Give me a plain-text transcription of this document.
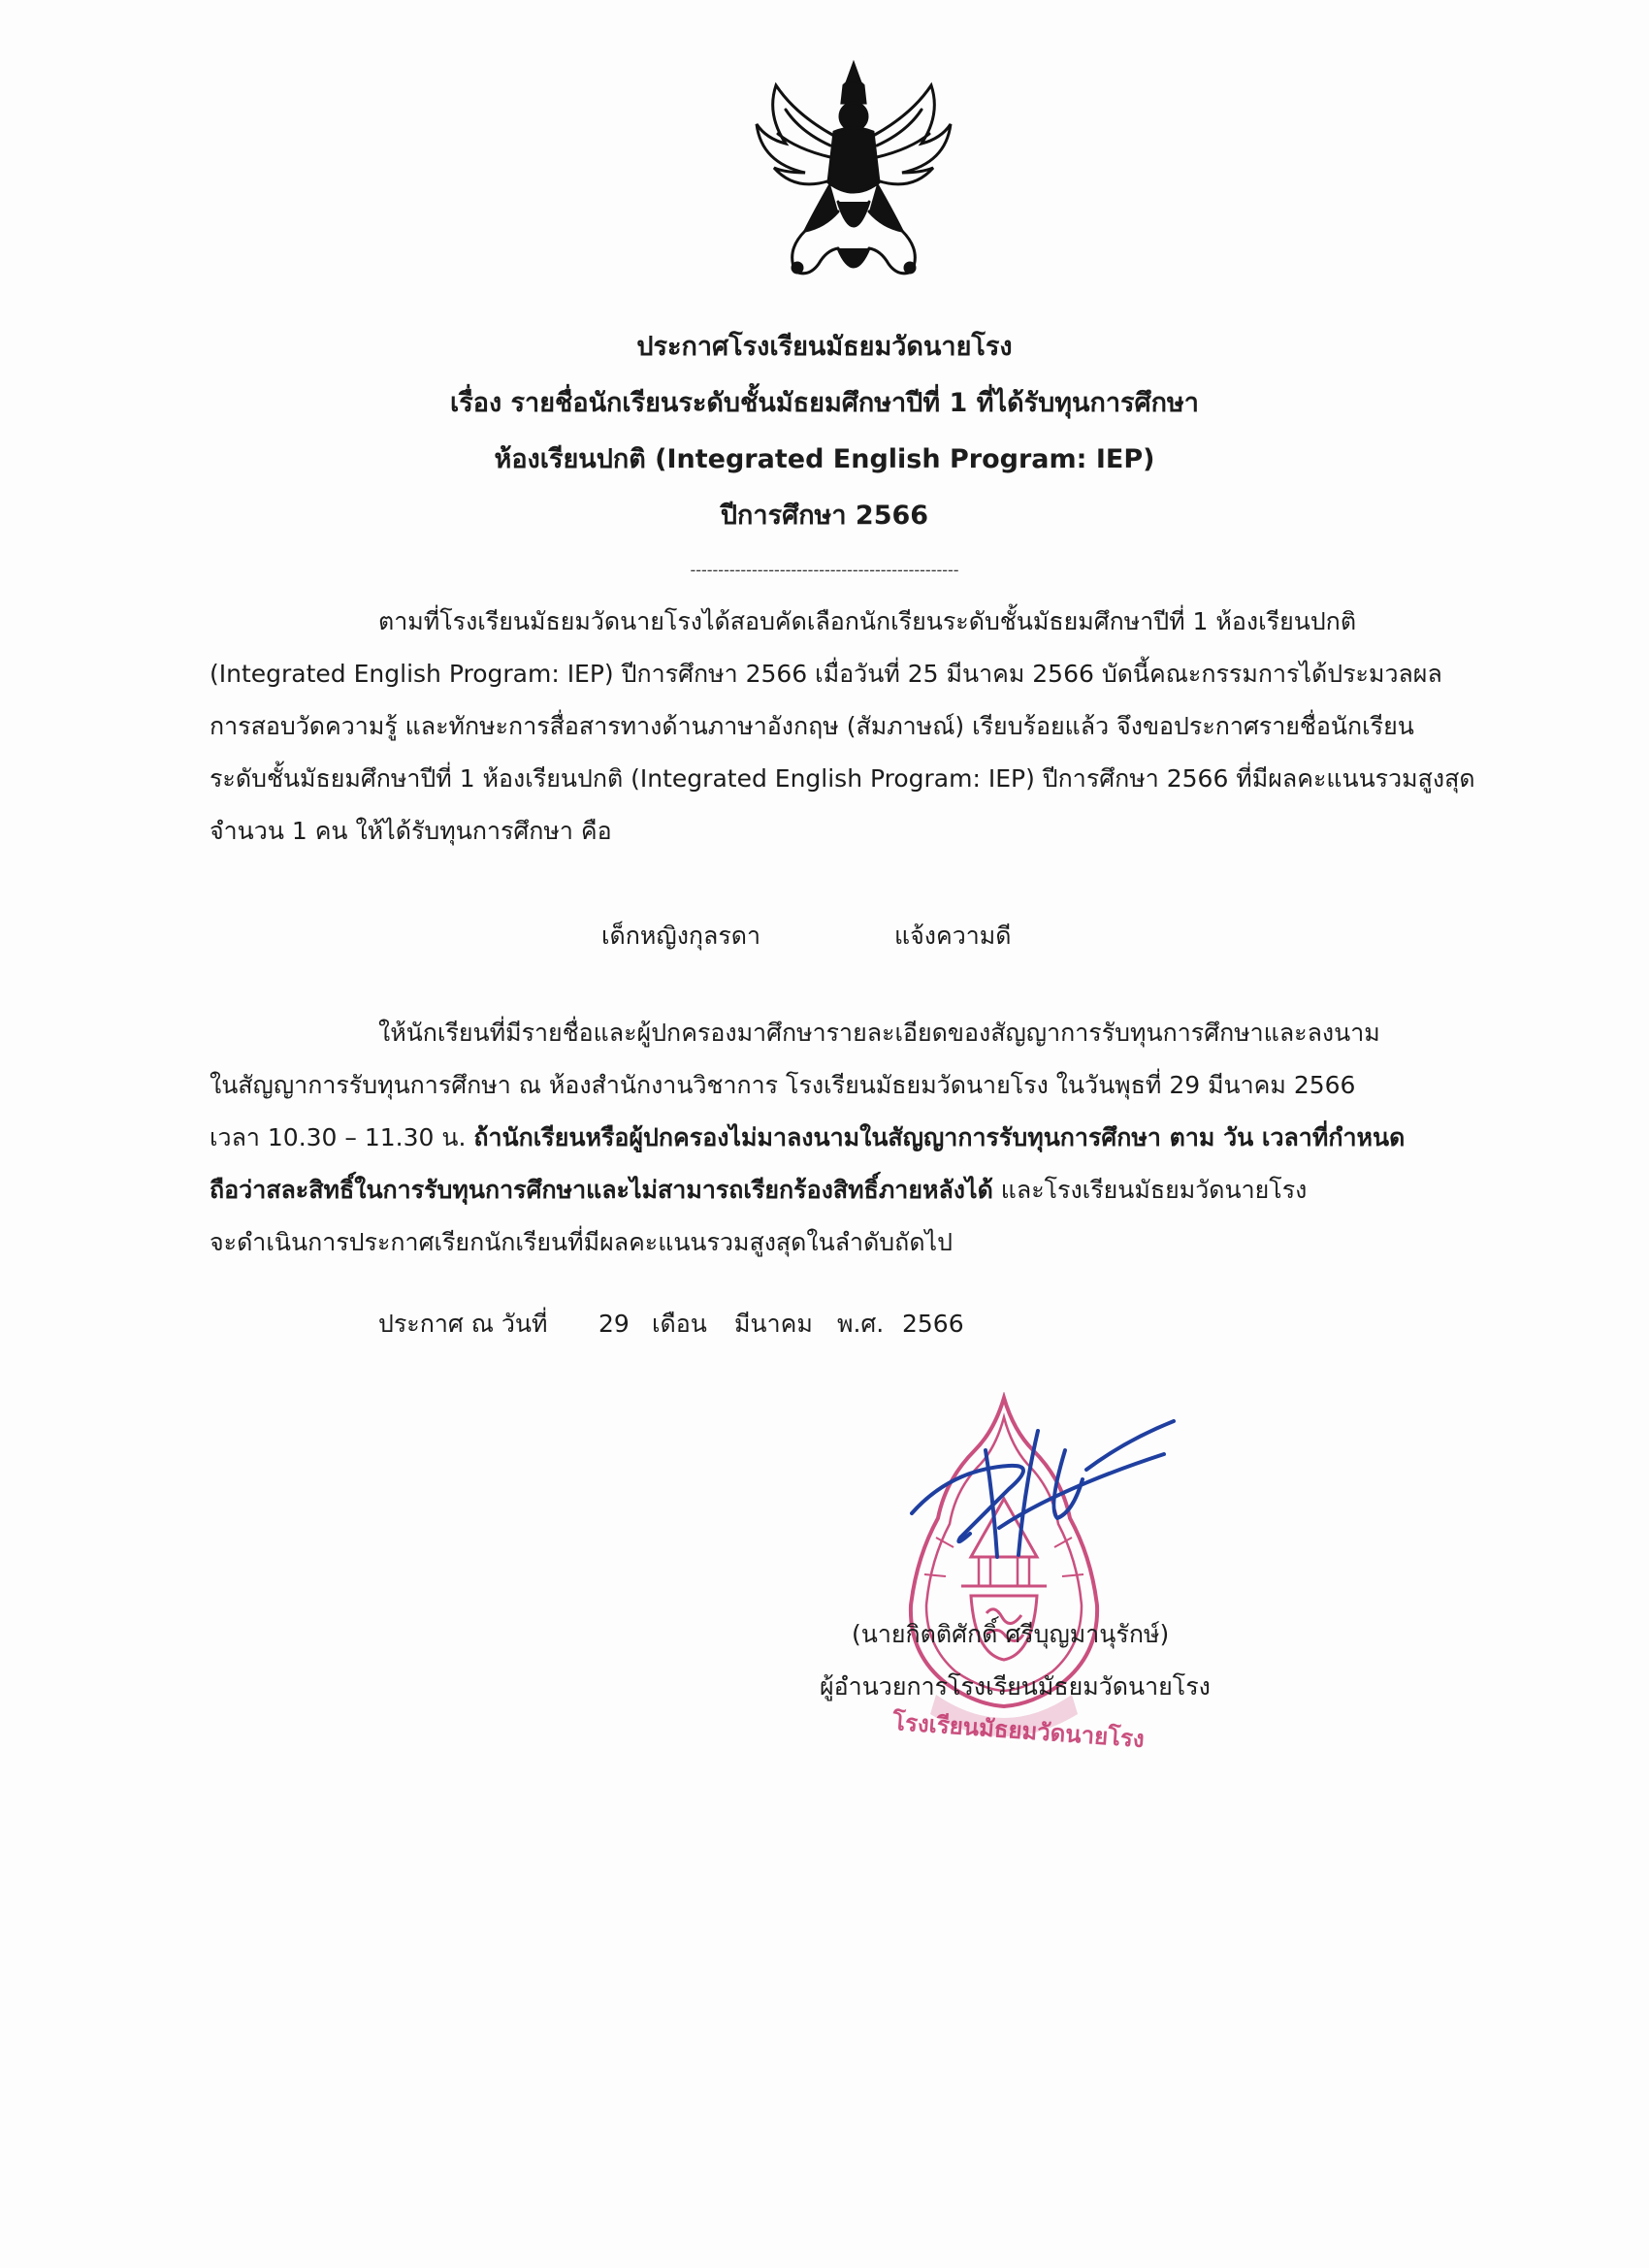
ประกาศโรงเรียนมัธยมวัดนายโรง
เรื่อง รายชื่อนักเรียนระดับชั้นมัธยมศึกษาปีที่ 1 ที่ได้รับทุนการศึกษา
ห้องเรียนปกติ (Integrated English Program: IEP)
ปีการศึกษา 2566
------------------------------------------------
ตามที่โรงเรียนมัธยมวัดนายโรงได้สอบคัดเลือกนักเรียนระดับชั้นมัธยมศึกษาปีที่ 1 ห้องเรียนปกติ
(Integrated English Program: IEP) ปีการศึกษา 2566 เมื่อวันที่ 25 มีนาคม 2566 บัดนี้คณะกรรมการได้ประมวลผล
การสอบวัดความรู้ และทักษะการสื่อสารทางด้านภาษาอังกฤษ (สัมภาษณ์) เรียบร้อยแล้ว จึงขอประกาศรายชื่อนักเรียน
ระดับชั้นมัธยมศึกษาปีที่ 1 ห้องเรียนปกติ (Integrated English Program: IEP) ปีการศึกษา 2566 ที่มีผลคะแนนรวมสูงสุด
จำนวน 1 คน ให้ได้รับทุนการศึกษา คือ
เด็กหญิงกุลรดา	แจ้งความดี
ให้นักเรียนที่มีรายชื่อและผู้ปกครองมาศึกษารายละเอียดของสัญญาการรับทุนการศึกษาและลงนาม
ในสัญญาการรับทุนการศึกษา ณ ห้องสำนักงานวิชาการ โรงเรียนมัธยมวัดนายโรง ในวันพุธที่ 29 มีนาคม 2566
เวลา 10.30 – 11.30 น. ถ้านักเรียนหรือผู้ปกครองไม่มาลงนามในสัญญาการรับทุนการศึกษา ตาม วัน เวลาที่กำหนด
ถือว่าสละสิทธิ์ในการรับทุนการศึกษาและไม่สามารถเรียกร้องสิทธิ์ภายหลังได้ และโรงเรียนมัธยมวัดนายโรง
จะดำเนินการประกาศเรียกนักเรียนที่มีผลคะแนนรวมสูงสุดในลำดับถัดไป
ประกาศ ณ วันที่ 29 เดือน มีนาคม พ.ศ. 2566
โรงเรียนมัธยมวัดนายโรง
(นายกิตติศักดิ์ ศรีบุญมานุรักษ์)
ผู้อำนวยการโรงเรียนมัธยมวัดนายโรง
